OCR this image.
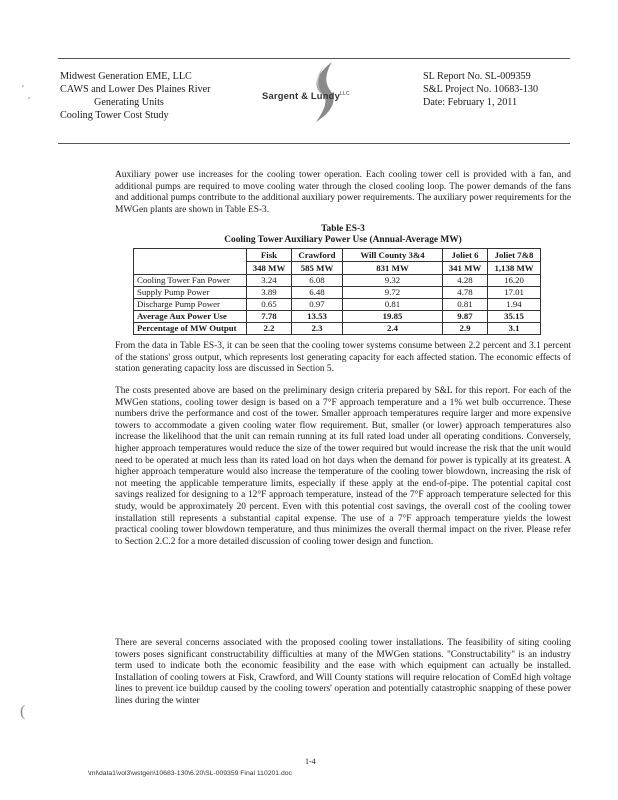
′
′
(
Midwest Generation EME, LLC
CAWS and Lower Des Plaines River
Generating Units
Cooling Tower Cost Study
Sargent & Lundy$^{LLC}$
SL Report No. SL-009359
S&L Project No. 10683-130
Date: February 1, 2011
Auxiliary power use increases for the cooling tower operation. Each cooling tower cell is provided with a fan, and additional pumps are required to move cooling water through the closed cooling loop. The power demands of the fans and additional pumps contribute to the additional auxiliary power requirements. The auxiliary power requirements for the MWGen plants are shown in Table ES-3.
Table ES-3
Cooling Tower Auxiliary Power Use (Annual-Average MW)
	Fisk	Crawford	Will County 3&4	Joliet 6	Joliet 7&8
	348 MW	585 MW	831 MW	341 MW	1,138 MW
Cooling Tower Fan Power	3.24	6.08	9.32	4.28	16.20
Supply Pump Power	3.89	6.48	9.72	4.78	17.01
Discharge Pump Power	0.65	0.97	0.81	0.81	1.94
Average Aux Power Use	7.78	13.53	19.85	9.87	35.15
Percentage of MW Output	2.2	2.3	2.4	2.9	3.1
From the data in Table ES-3, it can be seen that the cooling tower systems consume between 2.2 percent and 3.1 percent of the stations' gross output, which represents lost generating capacity for each affected station. The economic effects of station generating capacity loss are discussed in Section 5.
The costs presented above are based on the preliminary design criteria prepared by S&L for this report. For each of the MWGen stations, cooling tower design is based on a 7°F approach temperature and a 1% wet bulb occurrence. These numbers drive the performance and cost of the tower. Smaller approach temperatures require larger and more expensive towers to accommodate a given cooling water flow requirement. But, smaller (or lower) approach temperatures also increase the likelihood that the unit can remain running at its full rated load under all operating conditions. Conversely, higher approach temperatures would reduce the size of the tower required but would increase the risk that the unit would need to be operated at much less than its rated load on hot days when the demand for power is typically at its greatest. A higher approach temperature would also increase the temperature of the cooling tower blowdown, increasing the risk of not meeting the applicable temperature limits, especially if these apply at the end-of-pipe. The potential capital cost savings realized for designing to a 12°F approach temperature, instead of the 7°F approach temperature selected for this study, would be approximately 20 percent. Even with this potential cost savings, the overall cost of the cooling tower installation still represents a substantial capital expense. The use of a 7°F approach temperature yields the lowest practical cooling tower blowdown temperature, and thus minimizes the overall thermal impact on the river. Please refer to Section 2.C.2 for a more detailed discussion of cooling tower design and function.
There are several concerns associated with the proposed cooling tower installations. The feasibility of siting cooling towers poses significant constructability difficulties at many of the MWGen stations. "Constructability" is an industry term used to indicate both the economic feasibility and the ease with which equipment can actually be installed. Installation of cooling towers at Fisk, Crawford, and Will County stations will require relocation of ComEd high voltage lines to prevent ice buildup caused by the cooling towers' operation and potentially catastrophic snapping of these power lines during the winter
1-4
\ml\data1\vol3\wstgen\10683-130\6.20\SL-009359 Final 110201.doc
